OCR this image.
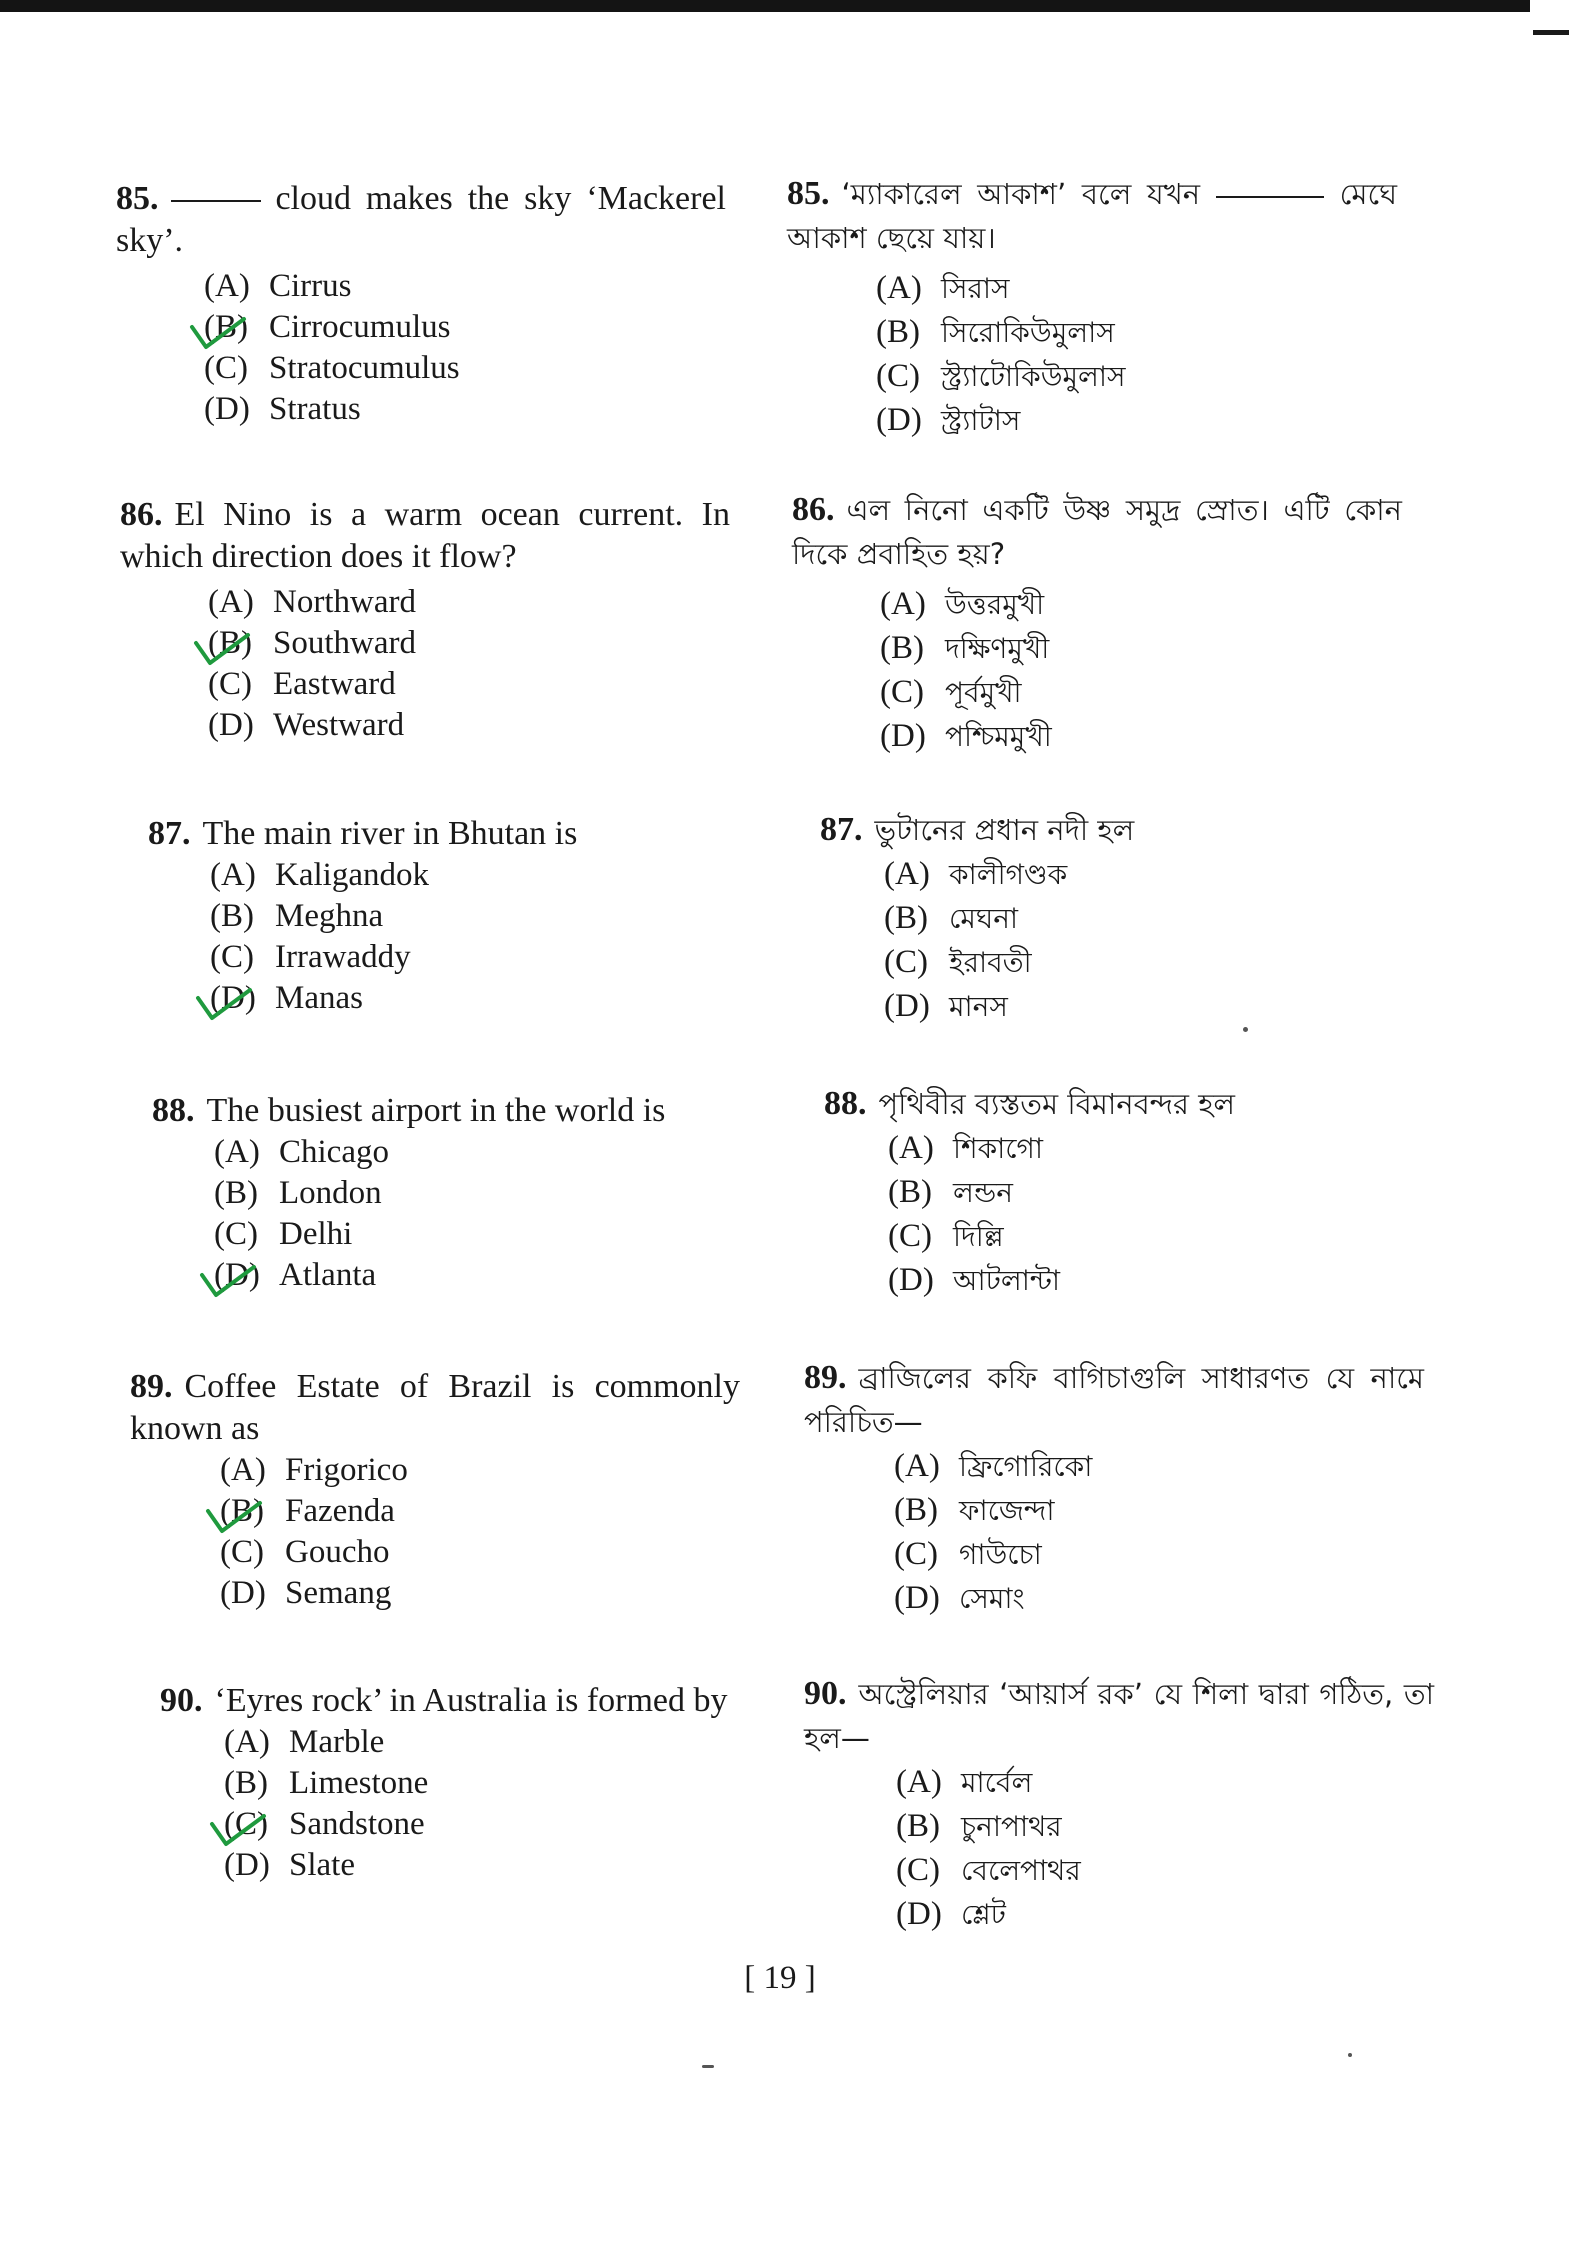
85.	cloud makes the sky ‘Mackerel sky’.

(A) Cirrus
(B) Cirrocumulus
(C) Stratocumulus
(D) Stratus

86. El Nino is a warm ocean current. In which direction does it flow?

(A) Northward
(B) Southward
(C) Eastward
(D) Westward

87. The main river in Bhutan is

(A) Kaligandok
(B) Meghna
(C) Irrawaddy
(D) Manas

88. The busiest airport in the world is

(A) Chicago
(B) London
(C) Delhi
(D) Atlanta

89. Coffee Estate of Brazil is commonly known as

(A) Frigorico
(B) Fazenda
(C) Goucho
(D) Semang

90. ‘Eyres rock’ in Australia is formed by

(A) Marble
(B) Limestone
(C) Sandstone
(D) Slate

85. ‘ম্যাকারেল আকাশ’ বলে যখন	মেঘে আকাশ ছেয়ে যায়।

(A) সিরাস
(B) সিরোকিউমুলাস
(C) স্ট্র্যাটোকিউমুলাস
(D) স্ট্র্যাটাস

86. এল নিনো একটি উষ্ণ সমুদ্র স্রোত। এটি কোন দিকে প্রবাহিত হয়?

(A) উত্তরমুখী
(B) দক্ষিণমুখী
(C) পূর্বমুখী
(D) পশ্চিমমুখী

87. ভুটানের প্রধান নদী হল

(A) কালীগণ্ডক
(B) মেঘনা
(C) ইরাবতী
(D) মানস

88. পৃথিবীর ব্যস্ততম বিমানবন্দর হল

(A) শিকাগো
(B) লন্ডন
(C) দিল্লি
(D) আটলান্টা

89. ব্রাজিলের কফি বাগিচাগুলি সাধারণত যে নামে পরিচিত—

(A) ফ্রিগোরিকো
(B) ফাজেন্দা
(C) গাউচো
(D) সেমাং

90. অস্ট্রেলিয়ার ‘আয়ার্স রক’ যে শিলা দ্বারা গঠিত, তা হল—

(A) মার্বেল
(B) চুনাপাথর
(C) বেলেপাথর
(D) শ্লেট
[ 19 ]
